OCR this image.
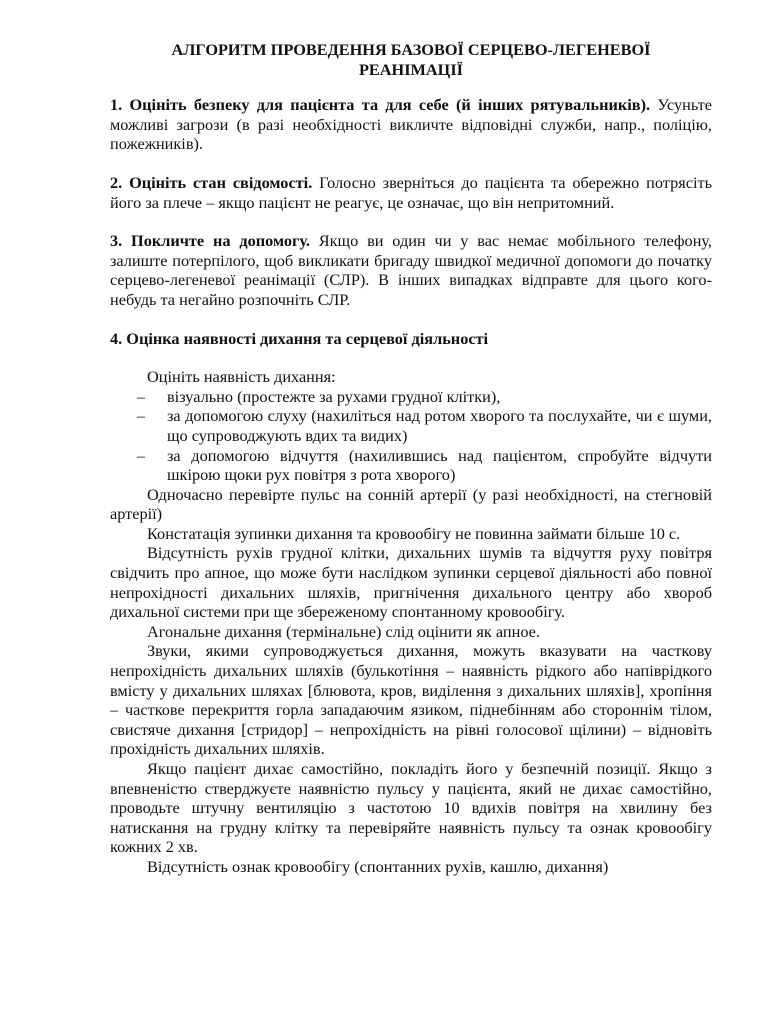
АЛГОРИТМ ПРОВЕДЕННЯ БАЗОВОЇ СЕРЦЕВО-ЛЕГЕНЕВОЇ РЕАНІМАЦІЇ
1. Оцініть безпеку для пацієнта та для себе (й інших рятувальників). Усуньте можливі загрози (в разі необхідності викличте відповідні служби, напр., поліцію, пожежників).
2. Оцініть стан свідомості. Голосно зверніться до пацієнта та обережно потрясіть його за плече – якщо пацієнт не реагує, це означає, що він непритомний.
3. Покличте на допомогу. Якщо ви один чи у вас немає мобільного телефону, залиште потерпілого, щоб викликати бригаду швидкої медичної допомоги до початку серцево-легеневої реанімації (СЛР). В інших випадках відправте для цього кого-небудь та негайно розпочніть СЛР.
4. Оцінка наявності дихання та серцевої діяльності

Оцініть наявність дихання:

– візуально (простежте за рухами грудної клітки),
– за допомогою слуху (нахиліться над ротом хворого та послухайте, чи є шуми, що супроводжують вдих та видих)
– за допомогою відчуття (нахилившись над пацієнтом, спробуйте відчути шкірою щоки рух повітря з рота хворого)

Одночасно перевірте пульс на сонній артерії (у разі необхідності, на стегновій артерії)

Констатація зупинки дихання та кровообігу не повинна займати більше 10 с.

Відсутність рухів грудної клітки, дихальних шумів та відчуття руху повітря свідчить про апное, що може бути наслідком зупинки серцевої діяльності або повної непрохідності дихальних шляхів, пригнічення дихального центру або хвороб дихальної системи при ще збереженому спонтанному кровообігу.

Агональне дихання (термінальне) слід оцінити як апное.

Звуки, якими супроводжується дихання, можуть вказувати на часткову непрохідність дихальних шляхів (булькотіння – наявність рідкого або напіврідкого вмісту у дихальних шляхах [блювота, кров, виділення з дихальних шляхів], хропіння – часткове перекриття горла западаючим язиком, піднебінням або стороннім тілом, свистяче дихання [стридор] – непрохідність на рівні голосової щілини) – відновіть прохідність дихальних шляхів.

Якщо пацієнт дихає самостійно, покладіть його у безпечній позиції. Якщо з впевненістю стверджуєте наявністю пульсу у пацієнта, який не дихає самостійно, проводьте штучну вентиляцію з частотою 10 вдихів повітря на хвилину без натискання на грудну клітку та перевіряйте наявність пульсу та ознак кровообігу кожних 2 хв.

Відсутність ознак кровообігу (спонтанних рухів, кашлю, дихання)
